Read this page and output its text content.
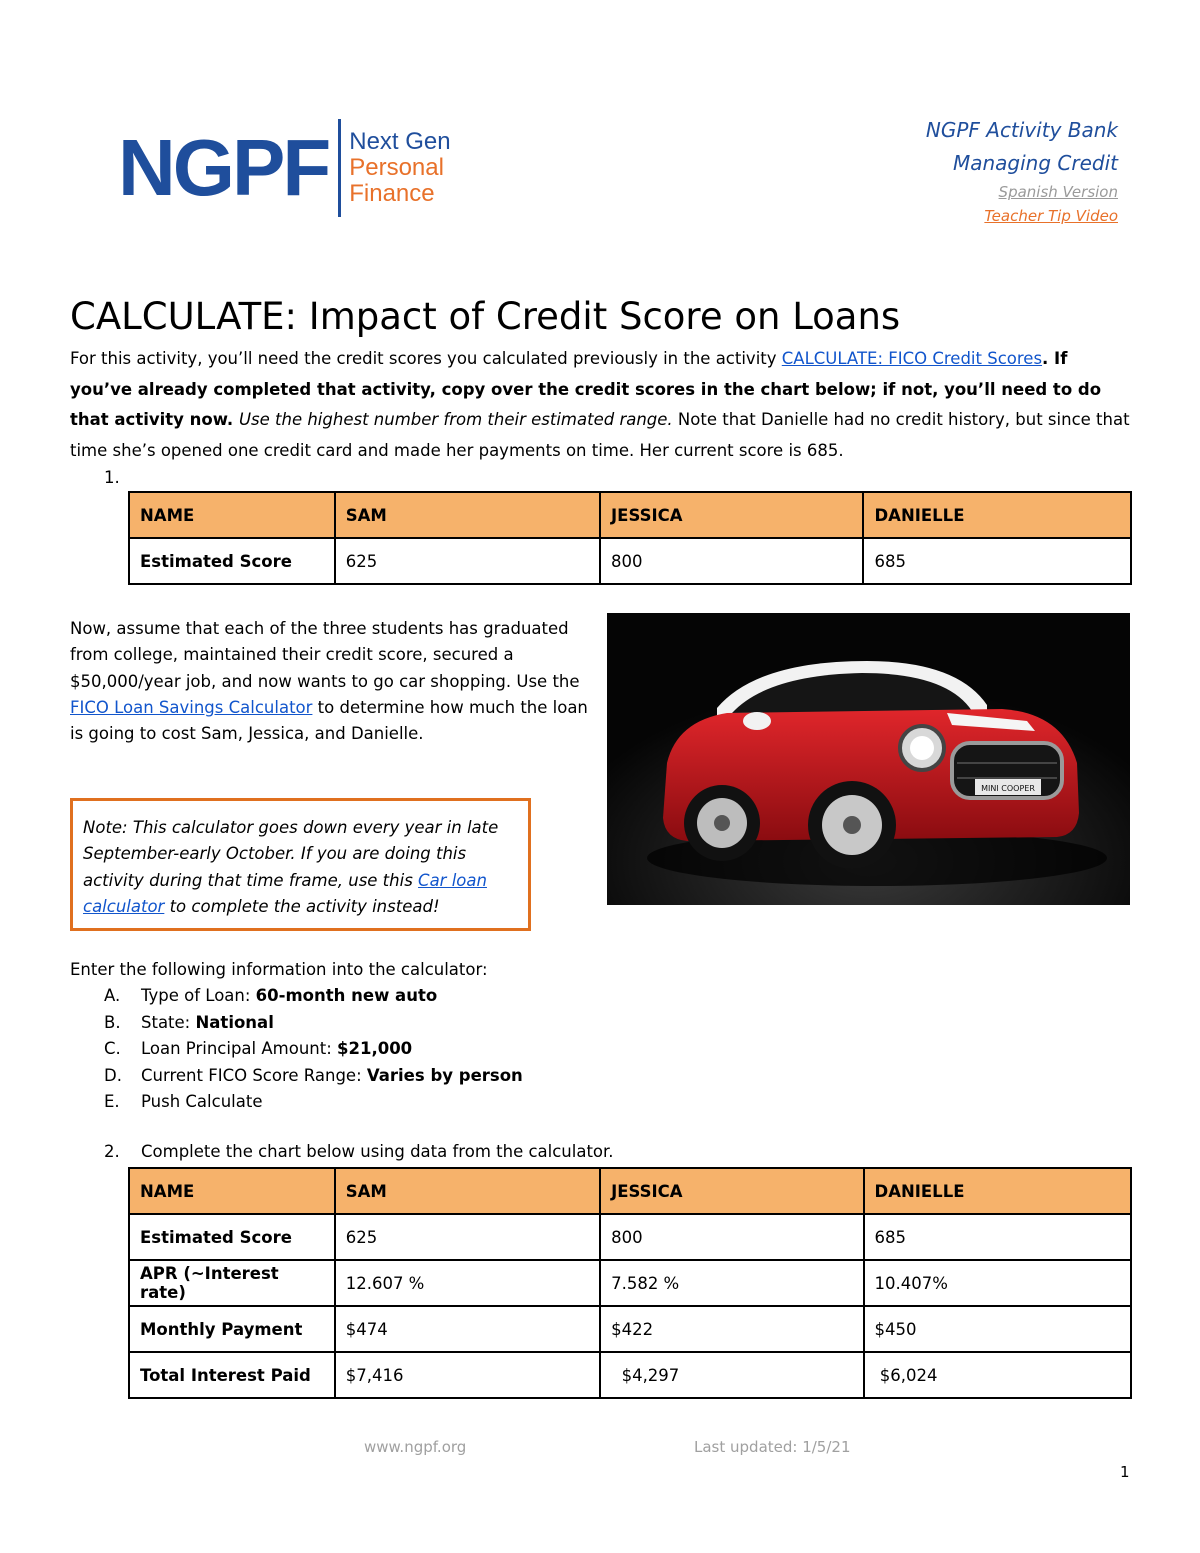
NGPF Next Gen
Personal
Finance
NGPF Activity Bank
Managing Credit
Spanish Version
Teacher Tip Video
CALCULATE: Impact of Credit Score on Loans
For this activity, you’ll need the credit scores you calculated previously in the activity CALCULATE: FICO Credit Scores. If you’ve already completed that activity, copy over the credit scores in the chart below; if not, you’ll need to do that activity now. Use the highest number from their estimated range. Note that Danielle had no credit history, but since that time she’s opened one credit card and made her payments on time. Her current score is 685.
1.
NAME	SAM	JESSICA	DANIELLE
Estimated Score	625	800	685
Now, assume that each of the three students has graduated from college, maintained their credit score, secured a $50,000/year job, and now wants to go car shopping. Use the FICO Loan Savings Calculator to determine how much the loan is going to cost Sam, Jessica, and Danielle.
MINI COOPER
Note: This calculator goes down every year in late September-early October. If you are doing this activity during that time frame, use this Car loan calculator to complete the activity instead!
Enter the following information into the calculator:
A.	Type of Loan: 60-month new auto
B.	State: National
C.	Loan Principal Amount: $21,000
D.	Current FICO Score Range: Varies by person
E.	Push Calculate
2.	Complete the chart below using data from the calculator.
NAME	SAM	JESSICA	DANIELLE
Estimated Score	625	800	685
APR (~Interest rate)	12.607 %	7.582 %	10.407%
Monthly Payment	$474	$422	$450
Total Interest Paid	$7,416	$4,297	$6,024
www.ngpf.org	Last updated: 1/5/21
1
